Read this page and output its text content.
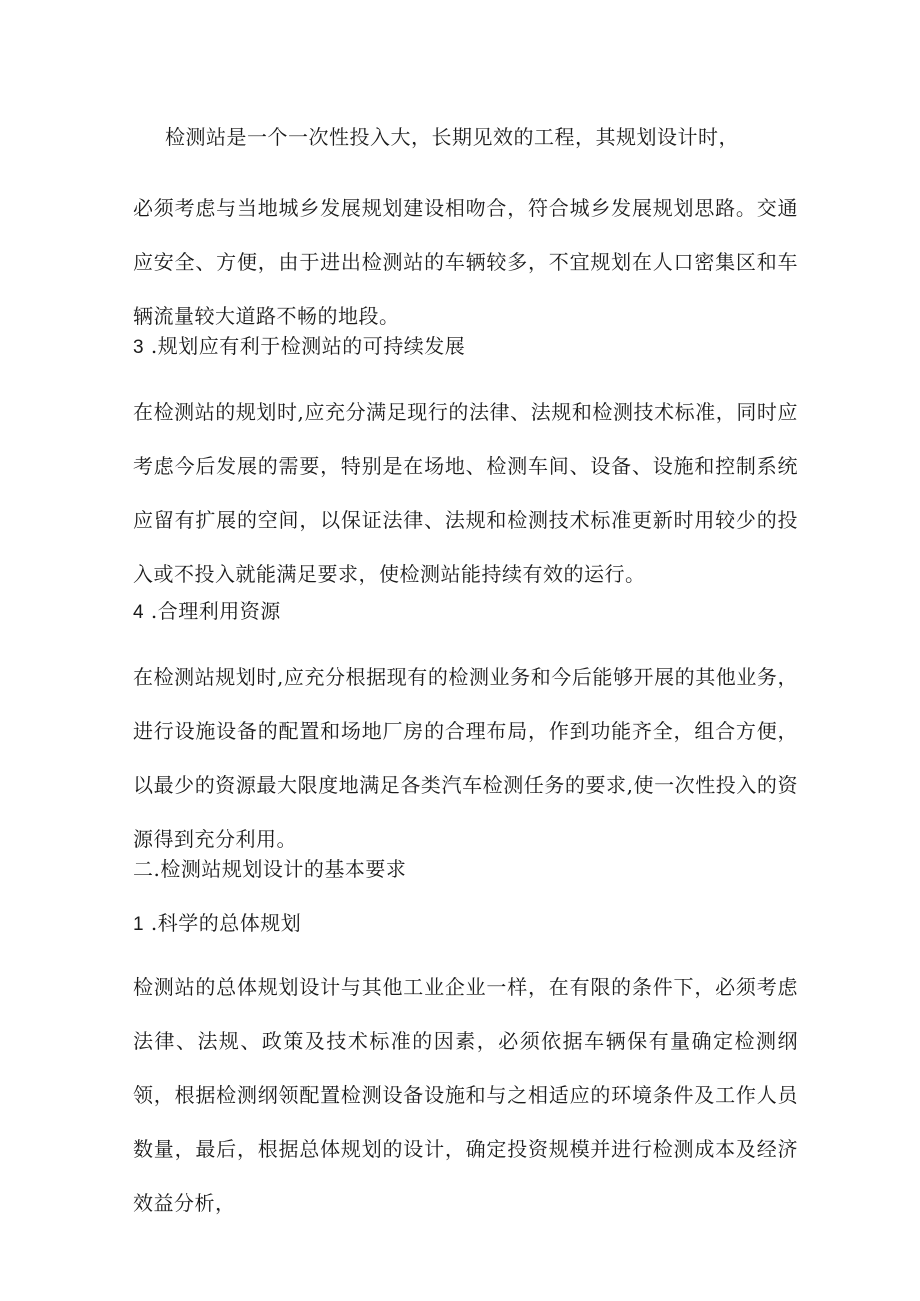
检测站是一个一次性投入大，长期见效的工程，其规划设计时，

必须考虑与当地城乡发展规划建设相吻合，符合城乡发展规划思路。交通应安全、方便，由于进出检测站的车辆较多，不宜规划在人口密集区和车辆流量较大道路不畅的地段。

3 .规划应有利于检测站的可持续发展

在检测站的规划时,应充分满足现行的法律、法规和检测技术标准，同时应考虑今后发展的需要，特别是在场地、检测车间、设备、设施和控制系统应留有扩展的空间，以保证法律、法规和检测技术标准更新时用较少的投入或不投入就能满足要求，使检测站能持续有效的运行。

4 .合理利用资源

在检测站规划时,应充分根据现有的检测业务和今后能够开展的其他业务，进行设施设备的配置和场地厂房的合理布局，作到功能齐全，组合方便，以最少的资源最大限度地满足各类汽车检测任务的要求,使一次性投入的资源得到充分利用。

二.检测站规划设计的基本要求
1 .科学的总体规划

检测站的总体规划设计与其他工业企业一样，在有限的条件下，必须考虑法律、法规、政策及技术标准的因素，必须依据车辆保有量确定检测纲领，根据检测纲领配置检测设备设施和与之相适应的环境条件及工作人员数量，最后，根据总体规划的设计，确定投资规模并进行检测成本及经济效益分析，
